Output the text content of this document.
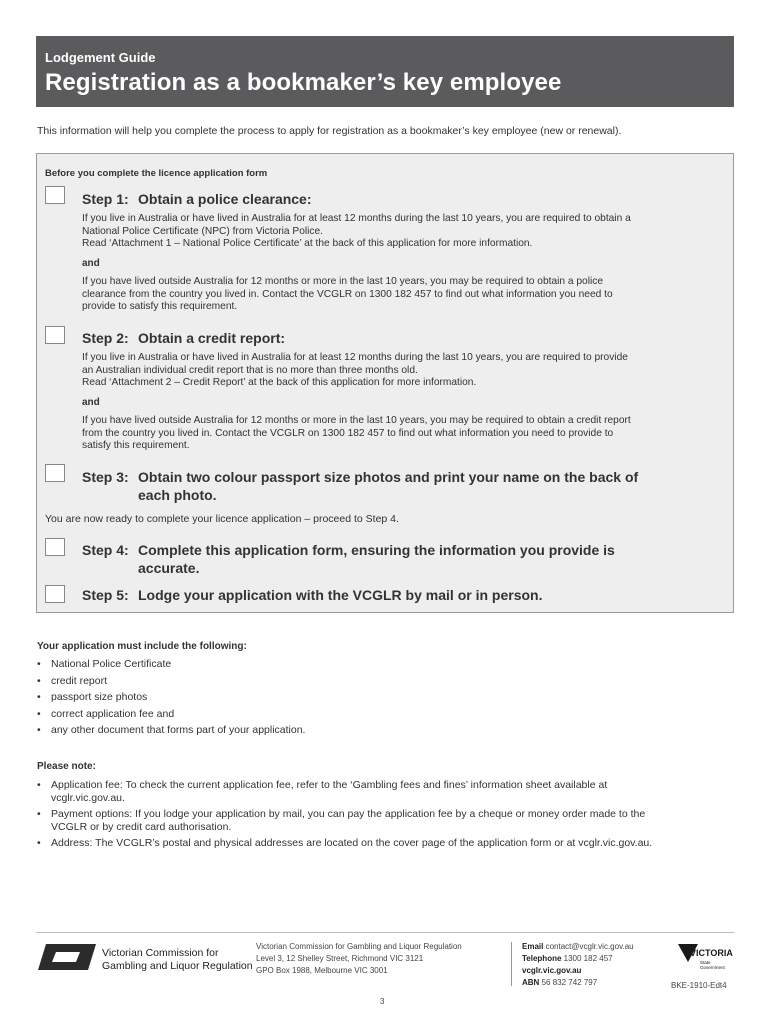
Lodgement Guide
Registration as a bookmaker’s key employee
This information will help you complete the process to apply for registration as a bookmaker’s key employee (new or renewal).
Before you complete the licence application form
Step 1: Obtain a police clearance:
If you live in Australia or have lived in Australia for at least 12 months during the last 10 years, you are required to obtain a
National Police Certificate (NPC) from Victoria Police.
Read ‘Attachment 1 – National Police Certificate’ at the back of this application for more information.
and
If you have lived outside Australia for 12 months or more in the last 10 years, you may be required to obtain a police
clearance from the country you lived in. Contact the VCGLR on 1300 182 457 to find out what information you need to
provide to satisfy this requirement.
Step 2: Obtain a credit report:
If you live in Australia or have lived in Australia for at least 12 months during the last 10 years, you are required to provide
an Australian individual credit report that is no more than three months old.
Read ‘Attachment 2 – Credit Report’ at the back of this application for more information.
and
If you have lived outside Australia for 12 months or more in the last 10 years, you may be required to obtain a credit report
from the country you lived in. Contact the VCGLR on 1300 182 457 to find out what information you need to provide to
satisfy this requirement.
Step 3: Obtain two colour passport size photos and print your name on the back of
each photo.
You are now ready to complete your licence application – proceed to Step 4.
Step 4: Complete this application form, ensuring the information you provide is
accurate.
Step 5: Lodge your application with the VCGLR by mail or in person.
Your application must include the following:
• National Police Certificate
• credit report
• passport size photos
• correct application fee and
• any other document that forms part of your application.
Please note:
• Application fee: To check the current application fee, refer to the ‘Gambling fees and fines’ information sheet available at
vcglr.vic.gov.au.
• Payment options: If you lodge your application by mail, you can pay the application fee by a cheque or money order made to the
VCGLR or by credit card authorisation.
• Address: The VCGLR’s postal and physical addresses are located on the cover page of the application form or at vcglr.vic.gov.au.
Victorian Commission for
Gambling and Liquor Regulation
Victorian Commission for Gambling and Liquor Regulation
Level 3, 12 Shelley Street, Richmond VIC 3121
GPO Box 1988, Melbourne VIC 3001
Email contact@vcglr.vic.gov.au
Telephone 1300 182 457
vcglr.vic.gov.au
ABN 56 832 742 797
VICTORIA
State
Government
BKE-1910-Edt4
3
